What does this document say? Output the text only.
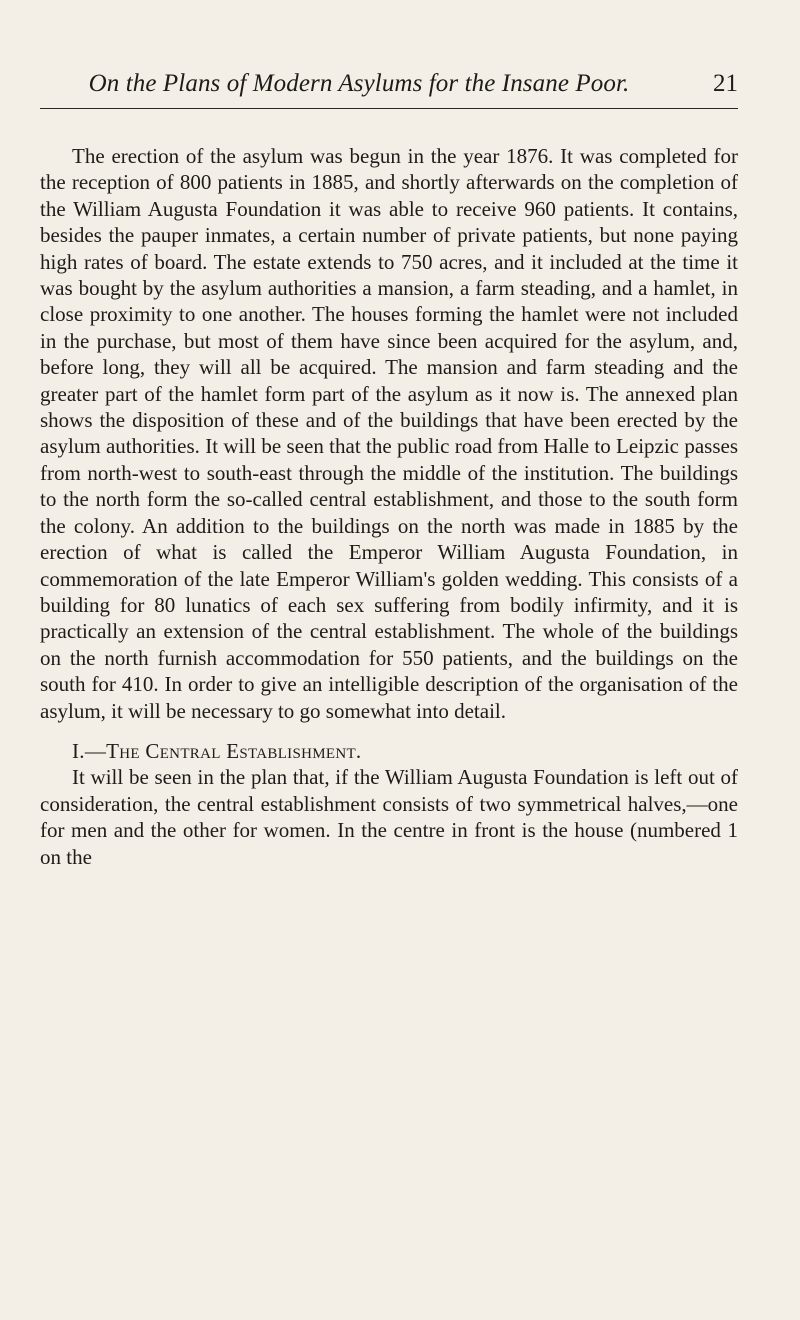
On the Plans of Modern Asylums for the Insane Poor.	21

The erection of the asylum was begun in the year 1876. It was completed for the reception of 800 patients in 1885, and shortly afterwards on the completion of the William Augusta Foundation it was able to receive 960 patients. It contains, besides the pauper inmates, a certain number of private patients, but none paying high rates of board. The estate extends to 750 acres, and it included at the time it was bought by the asylum authorities a mansion, a farm steading, and a hamlet, in close proximity to one another. The houses forming the hamlet were not included in the purchase, but most of them have since been acquired for the asylum, and, before long, they will all be acquired. The mansion and farm steading and the greater part of the hamlet form part of the asylum as it now is. The annexed plan shows the disposition of these and of the buildings that have been erected by the asylum authorities. It will be seen that the public road from Halle to Leipzic passes from north-west to south-east through the middle of the institution. The buildings to the north form the so-called central establishment, and those to the south form the colony. An addition to the buildings on the north was made in 1885 by the erection of what is called the Emperor William Augusta Foundation, in commemoration of the late Emperor William's golden wedding. This consists of a building for 80 lunatics of each sex suffering from bodily infirmity, and it is practically an extension of the central establishment. The whole of the buildings on the north furnish accommodation for 550 patients, and the buildings on the south for 410. In order to give an intelligible description of the organisation of the asylum, it will be necessary to go somewhat into detail.

I.—The Central Establishment.

It will be seen in the plan that, if the William Augusta Foundation is left out of consideration, the central establishment consists of two symmetrical halves,—one for men and the other for women. In the centre in front is the house (numbered 1 on the
